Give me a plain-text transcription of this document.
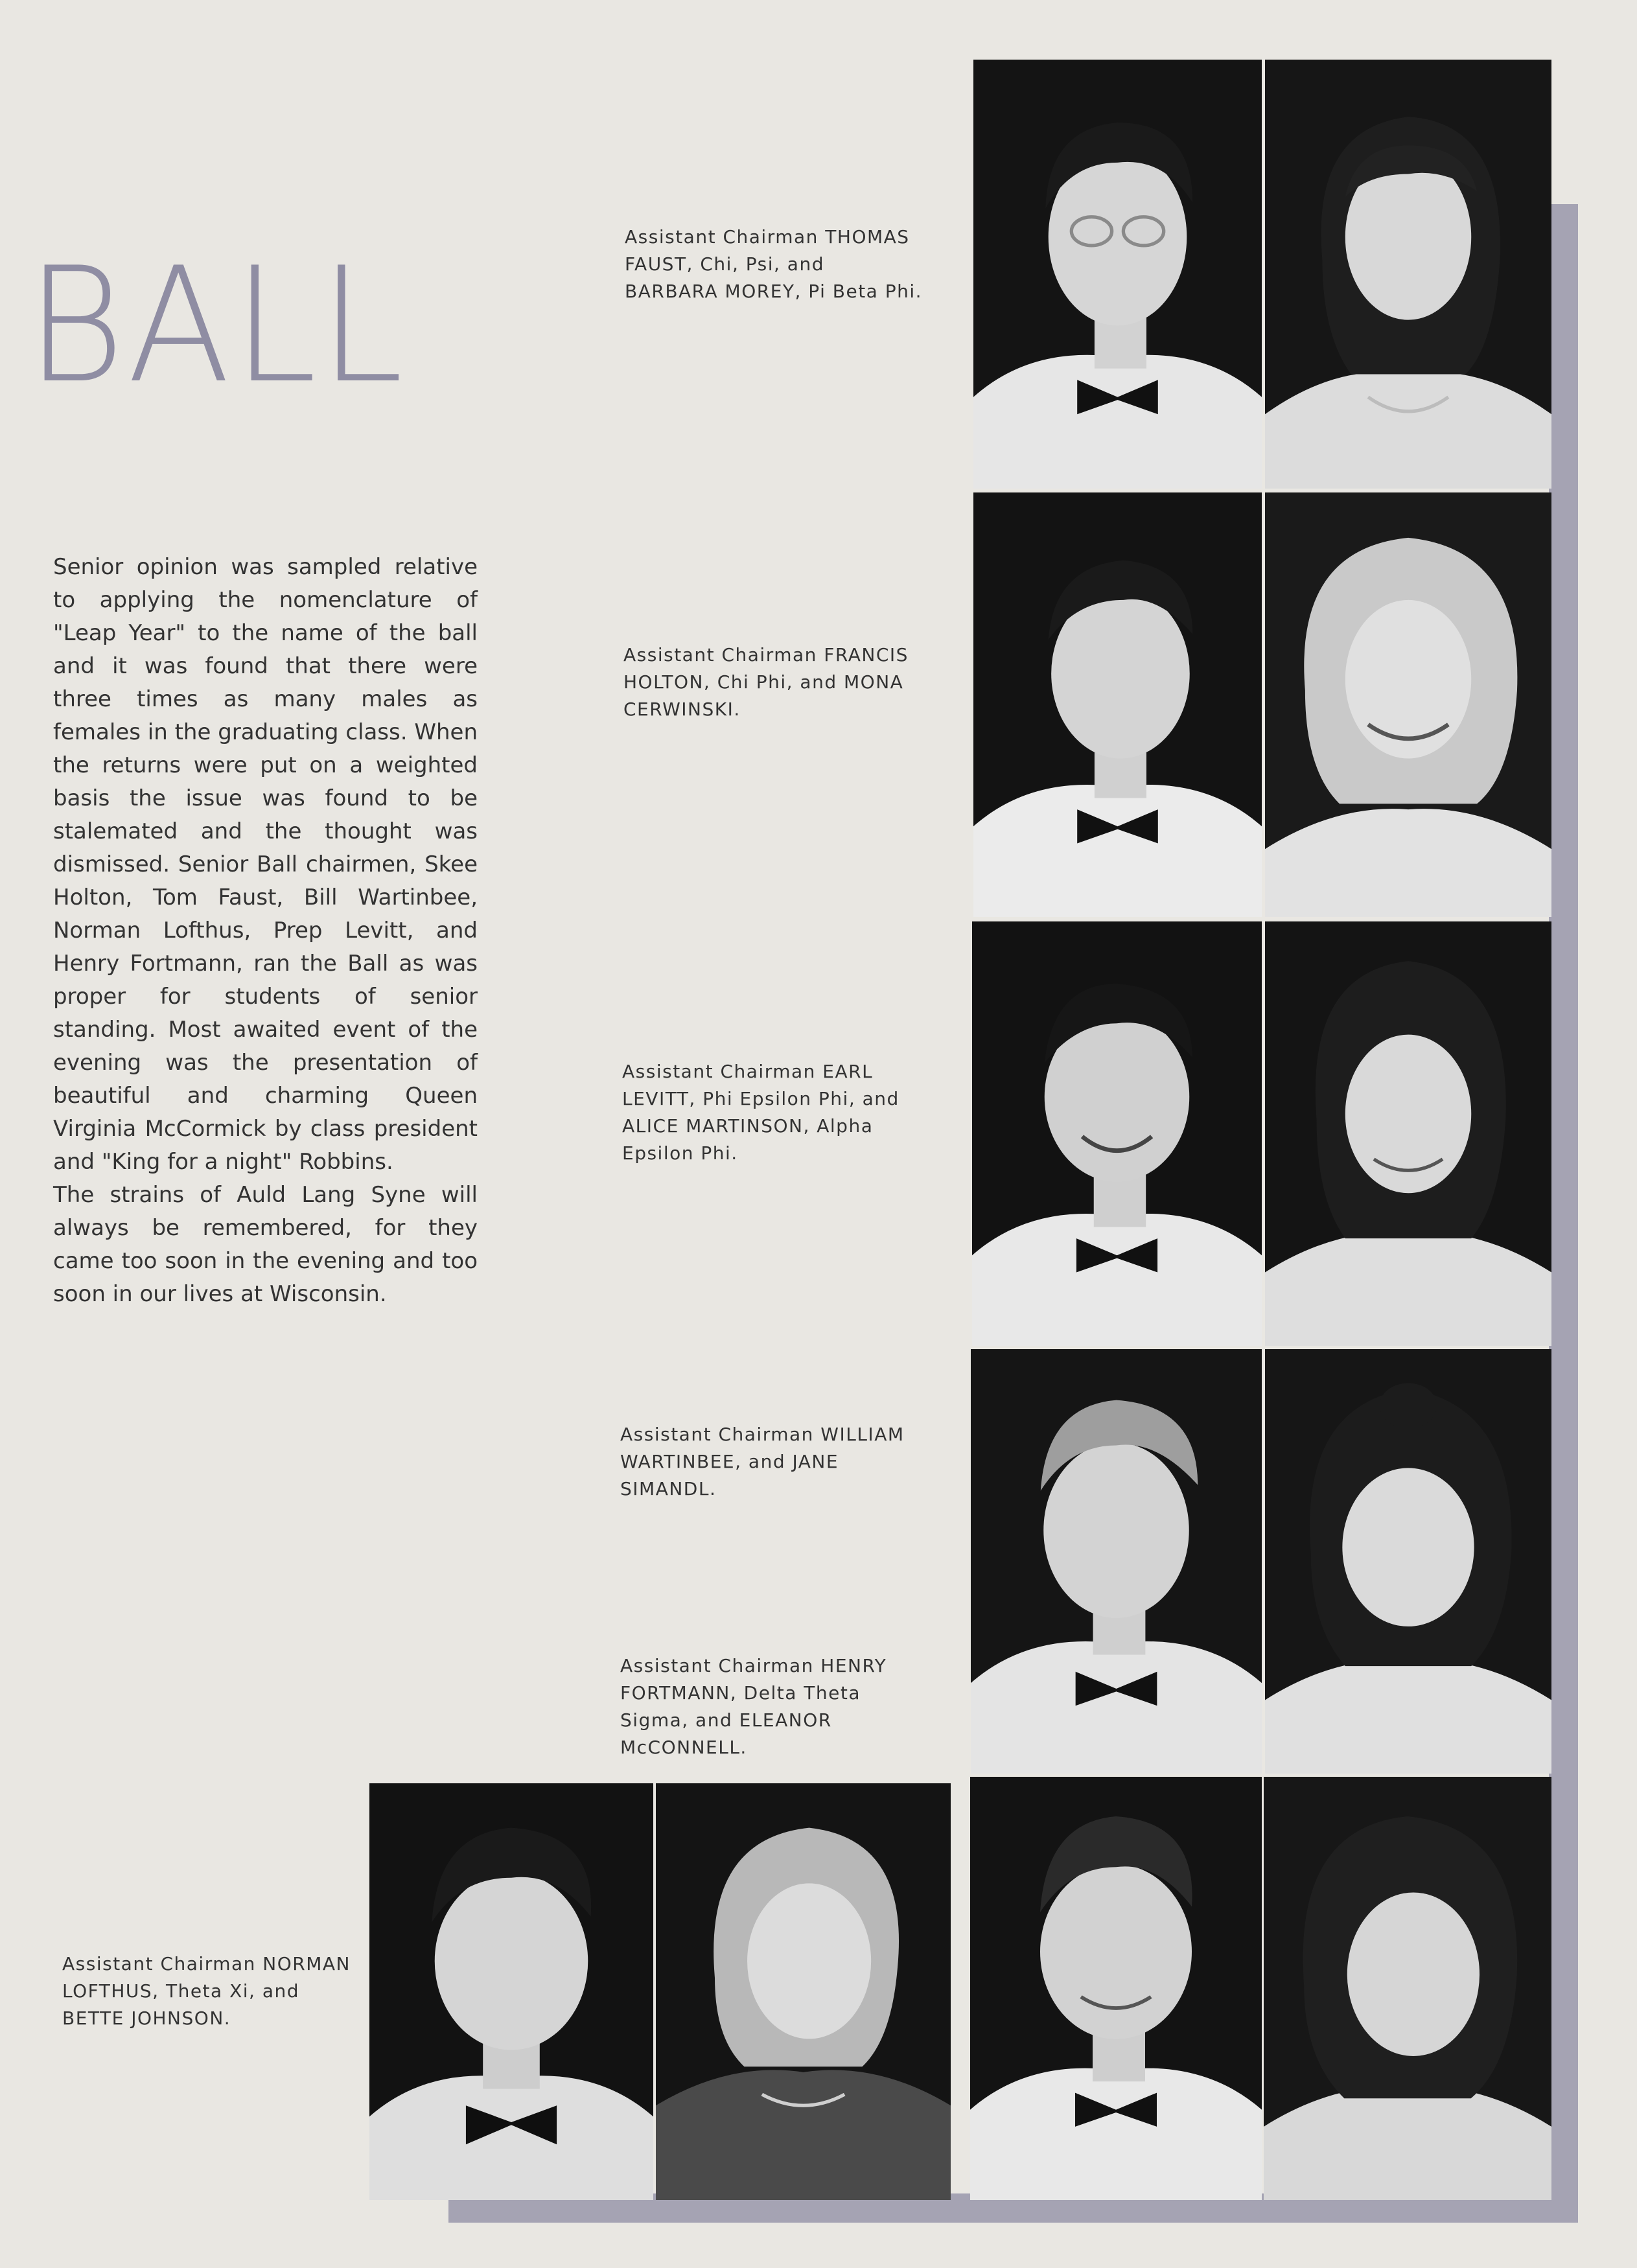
BALL

Senior opinion was sampled relative to applying the nomenclature of "Leap Year" to the name of the ball and it was found that there were three times as many males as females in the graduating class. When the returns were put on a weighted basis the issue was found to be stalemated and the thought was dismissed. Senior Ball chairmen, Skee Holton, Tom Faust, Bill Wartinbee, Norman Lofthus, Prep Levitt, and Henry Fortmann, ran the Ball as was proper for students of senior standing. Most awaited event of the evening was the presentation of beautiful and charming Queen Virginia McCormick by class president and "King for a night" Robbins.

The strains of Auld Lang Syne will always be remembered, for they came too soon in the evening and too soon in our lives at Wisconsin.

Assistant Chairman THOMAS FAUST, Chi, Psi, and BARBARA MOREY, Pi Beta Phi.

Assistant Chairman FRANCIS HOLTON, Chi Phi, and MONA CERWINSKI.

Assistant Chairman EARL LEVITT, Phi Epsilon Phi, and ALICE MARTINSON, Alpha Epsilon Phi.

Assistant Chairman WILLIAM WARTINBEE, and JANE SIMANDL.

Assistant Chairman HENRY FORTMANN, Delta Theta Sigma, and ELEANOR McCONNELL.

Assistant Chairman NORMAN LOFTHUS, Theta Xi, and BETTE JOHNSON.
